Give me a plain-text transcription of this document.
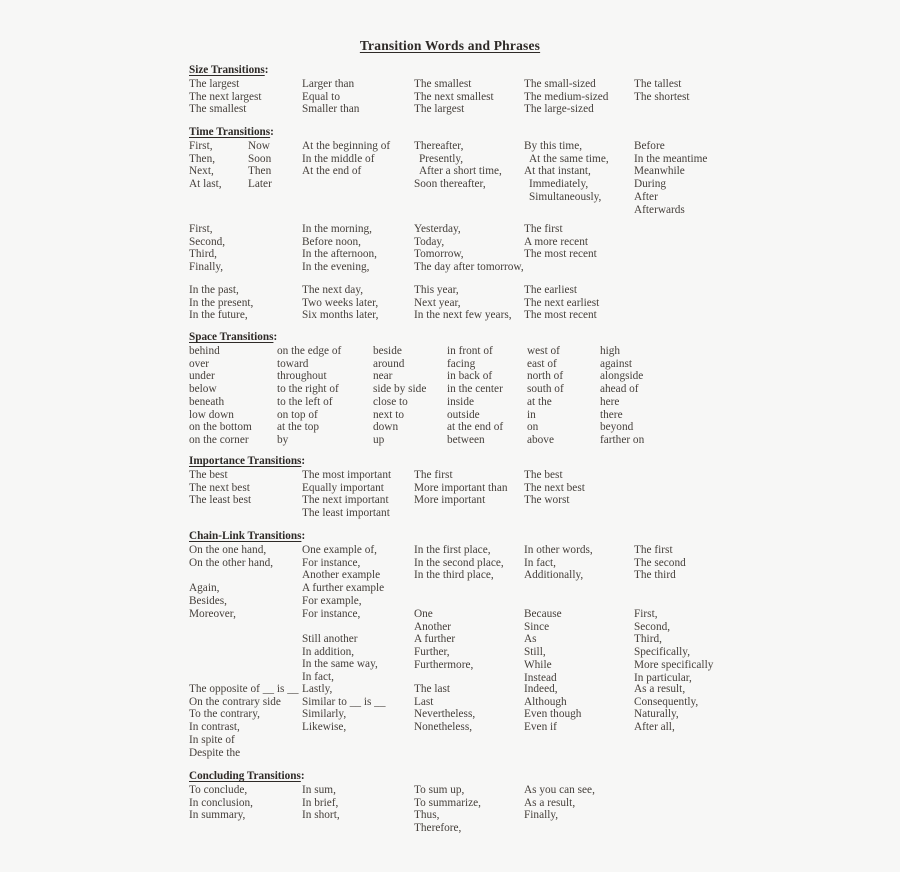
Transition Words and Phrases
Size Transitions:
The largest
The next largest
The smallest
Larger than
Equal to
Smaller than
The smallest
The next smallest
The largest
The small-sized
The medium-sized
The large-sized
The tallest
The shortest
Time Transitions:
First,
Then,
Next,
At last,
Now
Soon
Then
Later
At the beginning of
In the middle of
At the end of
Thereafter,
Presently,
After a short time,
Soon thereafter,
By this time,
At the same time,
At that instant,
Immediately,
Simultaneously,
Before
In the meantime
Meanwhile
During
After
Afterwards
First,
Second,
Third,
Finally,
In the morning,
Before noon,
In the afternoon,
In the evening,
Yesterday,
Today,
Tomorrow,
The day after tomorrow,
The first
A more recent
The most recent
In the past,
In the present,
In the future,
The next day,
Two weeks later,
Six months later,
This year,
Next year,
In the next few years,
The earliest
The next earliest
The most recent
Space Transitions:
behind
over
under
below
beneath
low down
on the bottom
on the corner
on the edge of
toward
throughout
to the right of
to the left of
on top of
at the top
by
beside
around
near
side by side
close to
next to
down
up
in front of
facing
in back of
in the center
inside
outside
at the end of
between
west of
east of
north of
south of
at the
in
on
above
high
against
alongside
ahead of
here
there
beyond
farther on
Importance Transitions:
The best
The next best
The least best
The most important
Equally important
The next important
The least important
The first
More important than
More important
The best
The next best
The worst
Chain-Link Transitions:
On the one hand,
On the other hand,
Again,
Besides,
Moreover,
One example of,
For instance,
Another example
A further example
For example,
For instance,
In the first place,
In the second place,
In the third place,
In other words,
In fact,
Additionally,
The first
The second
The third
One
Another
A further
Further,
Furthermore,
Because
Since
As
Still,
While
Instead
First,
Second,
Third,
Specifically,
More specifically
In particular,
Still another
In addition,
In the same way,
In fact,
The opposite of __ is __
On the contrary side
To the contrary,
In contrast,
In spite of
Despite the
Lastly,
Similar to __ is __
Similarly,
Likewise,
The last
Last
Nevertheless,
Nonetheless,
Indeed,
Although
Even though
Even if
As a result,
Consequently,
Naturally,
After all,
Concluding Transitions:
To conclude,
In conclusion,
In summary,
In sum,
In brief,
In short,
To sum up,
To summarize,
Thus,
Therefore,
As you can see,
As a result,
Finally,
